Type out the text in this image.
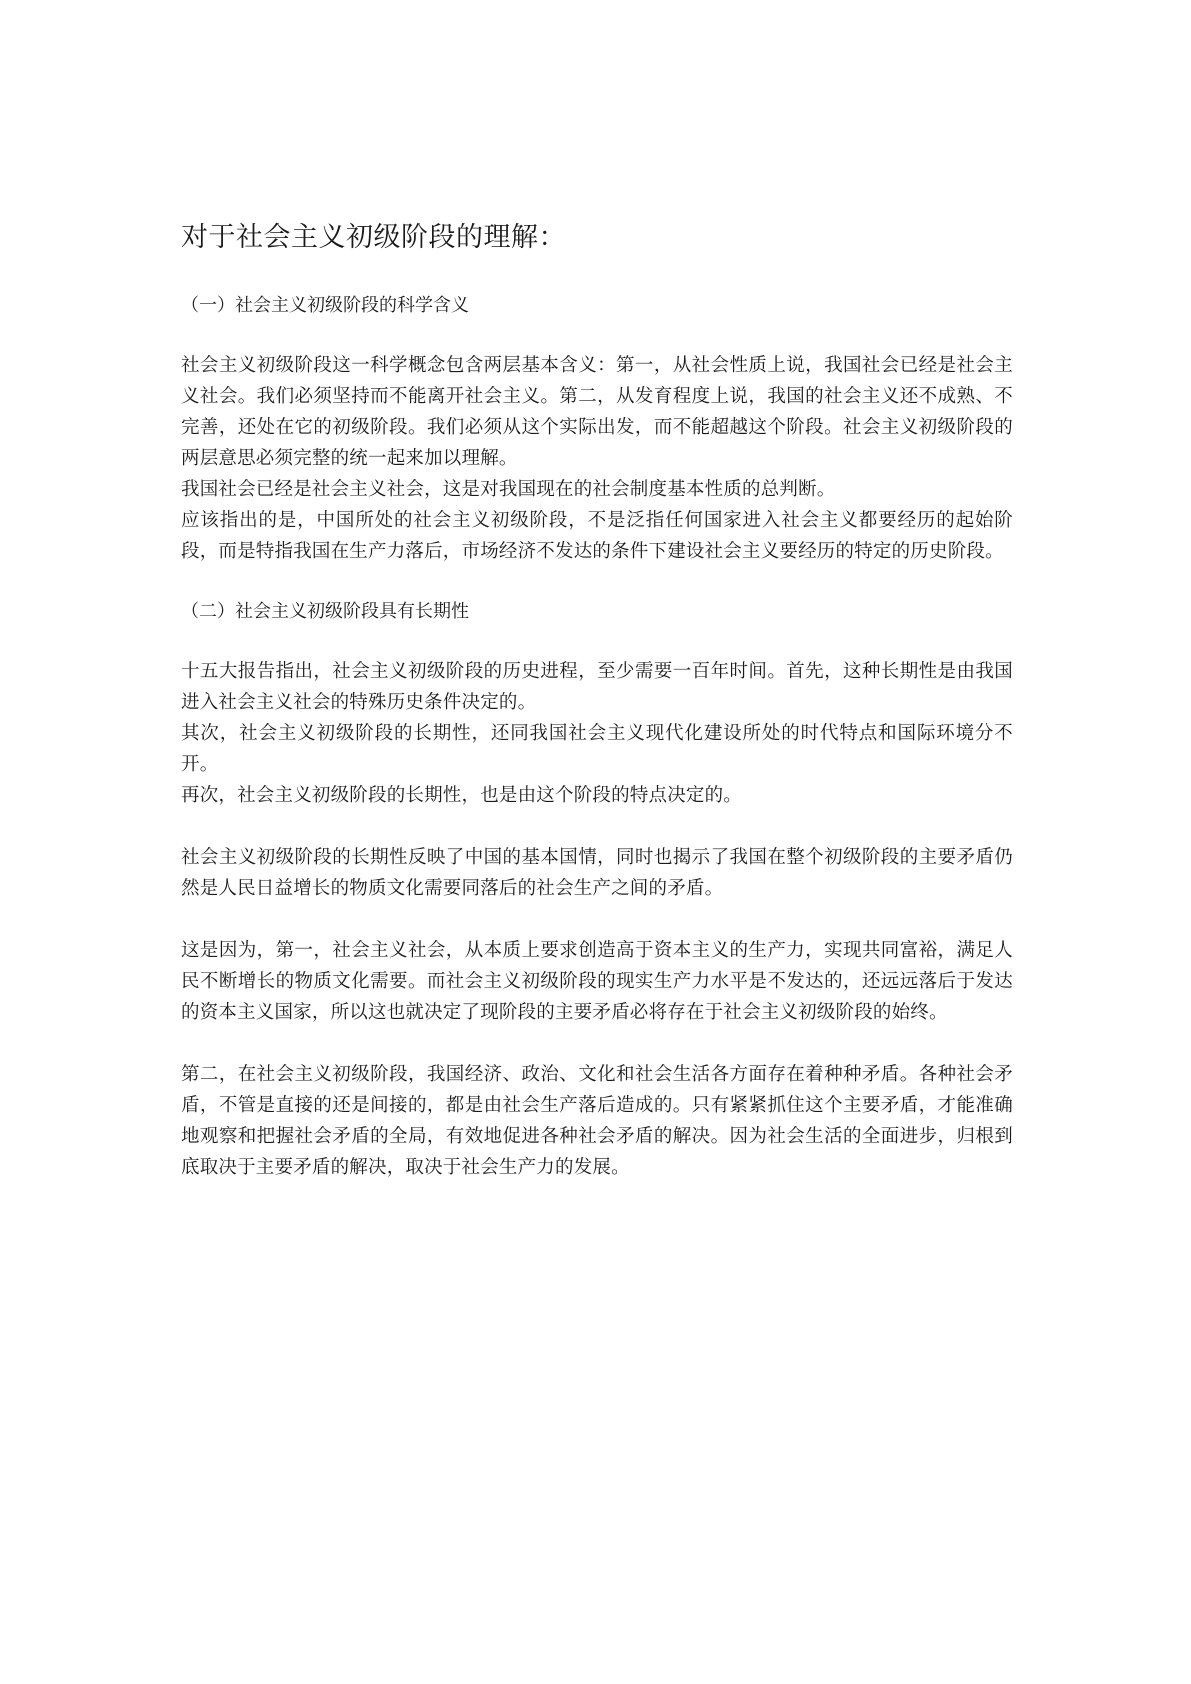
对于社会主义初级阶段的理解：
（一）社会主义初级阶段的科学含义

社会主义初级阶段这一科学概念包含两层基本含义：第一，从社会性质上说，我国社会已经是社会主义社会。我们必须坚持而不能离开社会主义。第二，从发育程度上说，我国的社会主义还不成熟、不完善，还处在它的初级阶段。我们必须从这个实际出发，而不能超越这个阶段。社会主义初级阶段的两层意思必须完整的统一起来加以理解。

我国社会已经是社会主义社会，这是对我国现在的社会制度基本性质的总判断。

应该指出的是，中国所处的社会主义初级阶段，不是泛指任何国家进入社会主义都要经历的起始阶段，而是特指我国在生产力落后，市场经济不发达的条件下建设社会主义要经历的特定的历史阶段。

（二）社会主义初级阶段具有长期性

十五大报告指出，社会主义初级阶段的历史进程，至少需要一百年时间。首先，这种长期性是由我国进入社会主义社会的特殊历史条件决定的。

其次，社会主义初级阶段的长期性，还同我国社会主义现代化建设所处的时代特点和国际环境分不开。

再次，社会主义初级阶段的长期性，也是由这个阶段的特点决定的。

社会主义初级阶段的长期性反映了中国的基本国情，同时也揭示了我国在整个初级阶段的主要矛盾仍然是人民日益增长的物质文化需要同落后的社会生产之间的矛盾。

这是因为，第一，社会主义社会，从本质上要求创造高于资本主义的生产力，实现共同富裕，满足人民不断增长的物质文化需要。而社会主义初级阶段的现实生产力水平是不发达的，还远远落后于发达的资本主义国家，所以这也就决定了现阶段的主要矛盾必将存在于社会主义初级阶段的始终。

第二，在社会主义初级阶段，我国经济、政治、文化和社会生活各方面存在着种种矛盾。各种社会矛盾，不管是直接的还是间接的，都是由社会生产落后造成的。只有紧紧抓住这个主要矛盾，才能准确地观察和把握社会矛盾的全局，有效地促进各种社会矛盾的解决。因为社会生活的全面进步，归根到底取决于主要矛盾的解决，取决于社会生产力的发展。
